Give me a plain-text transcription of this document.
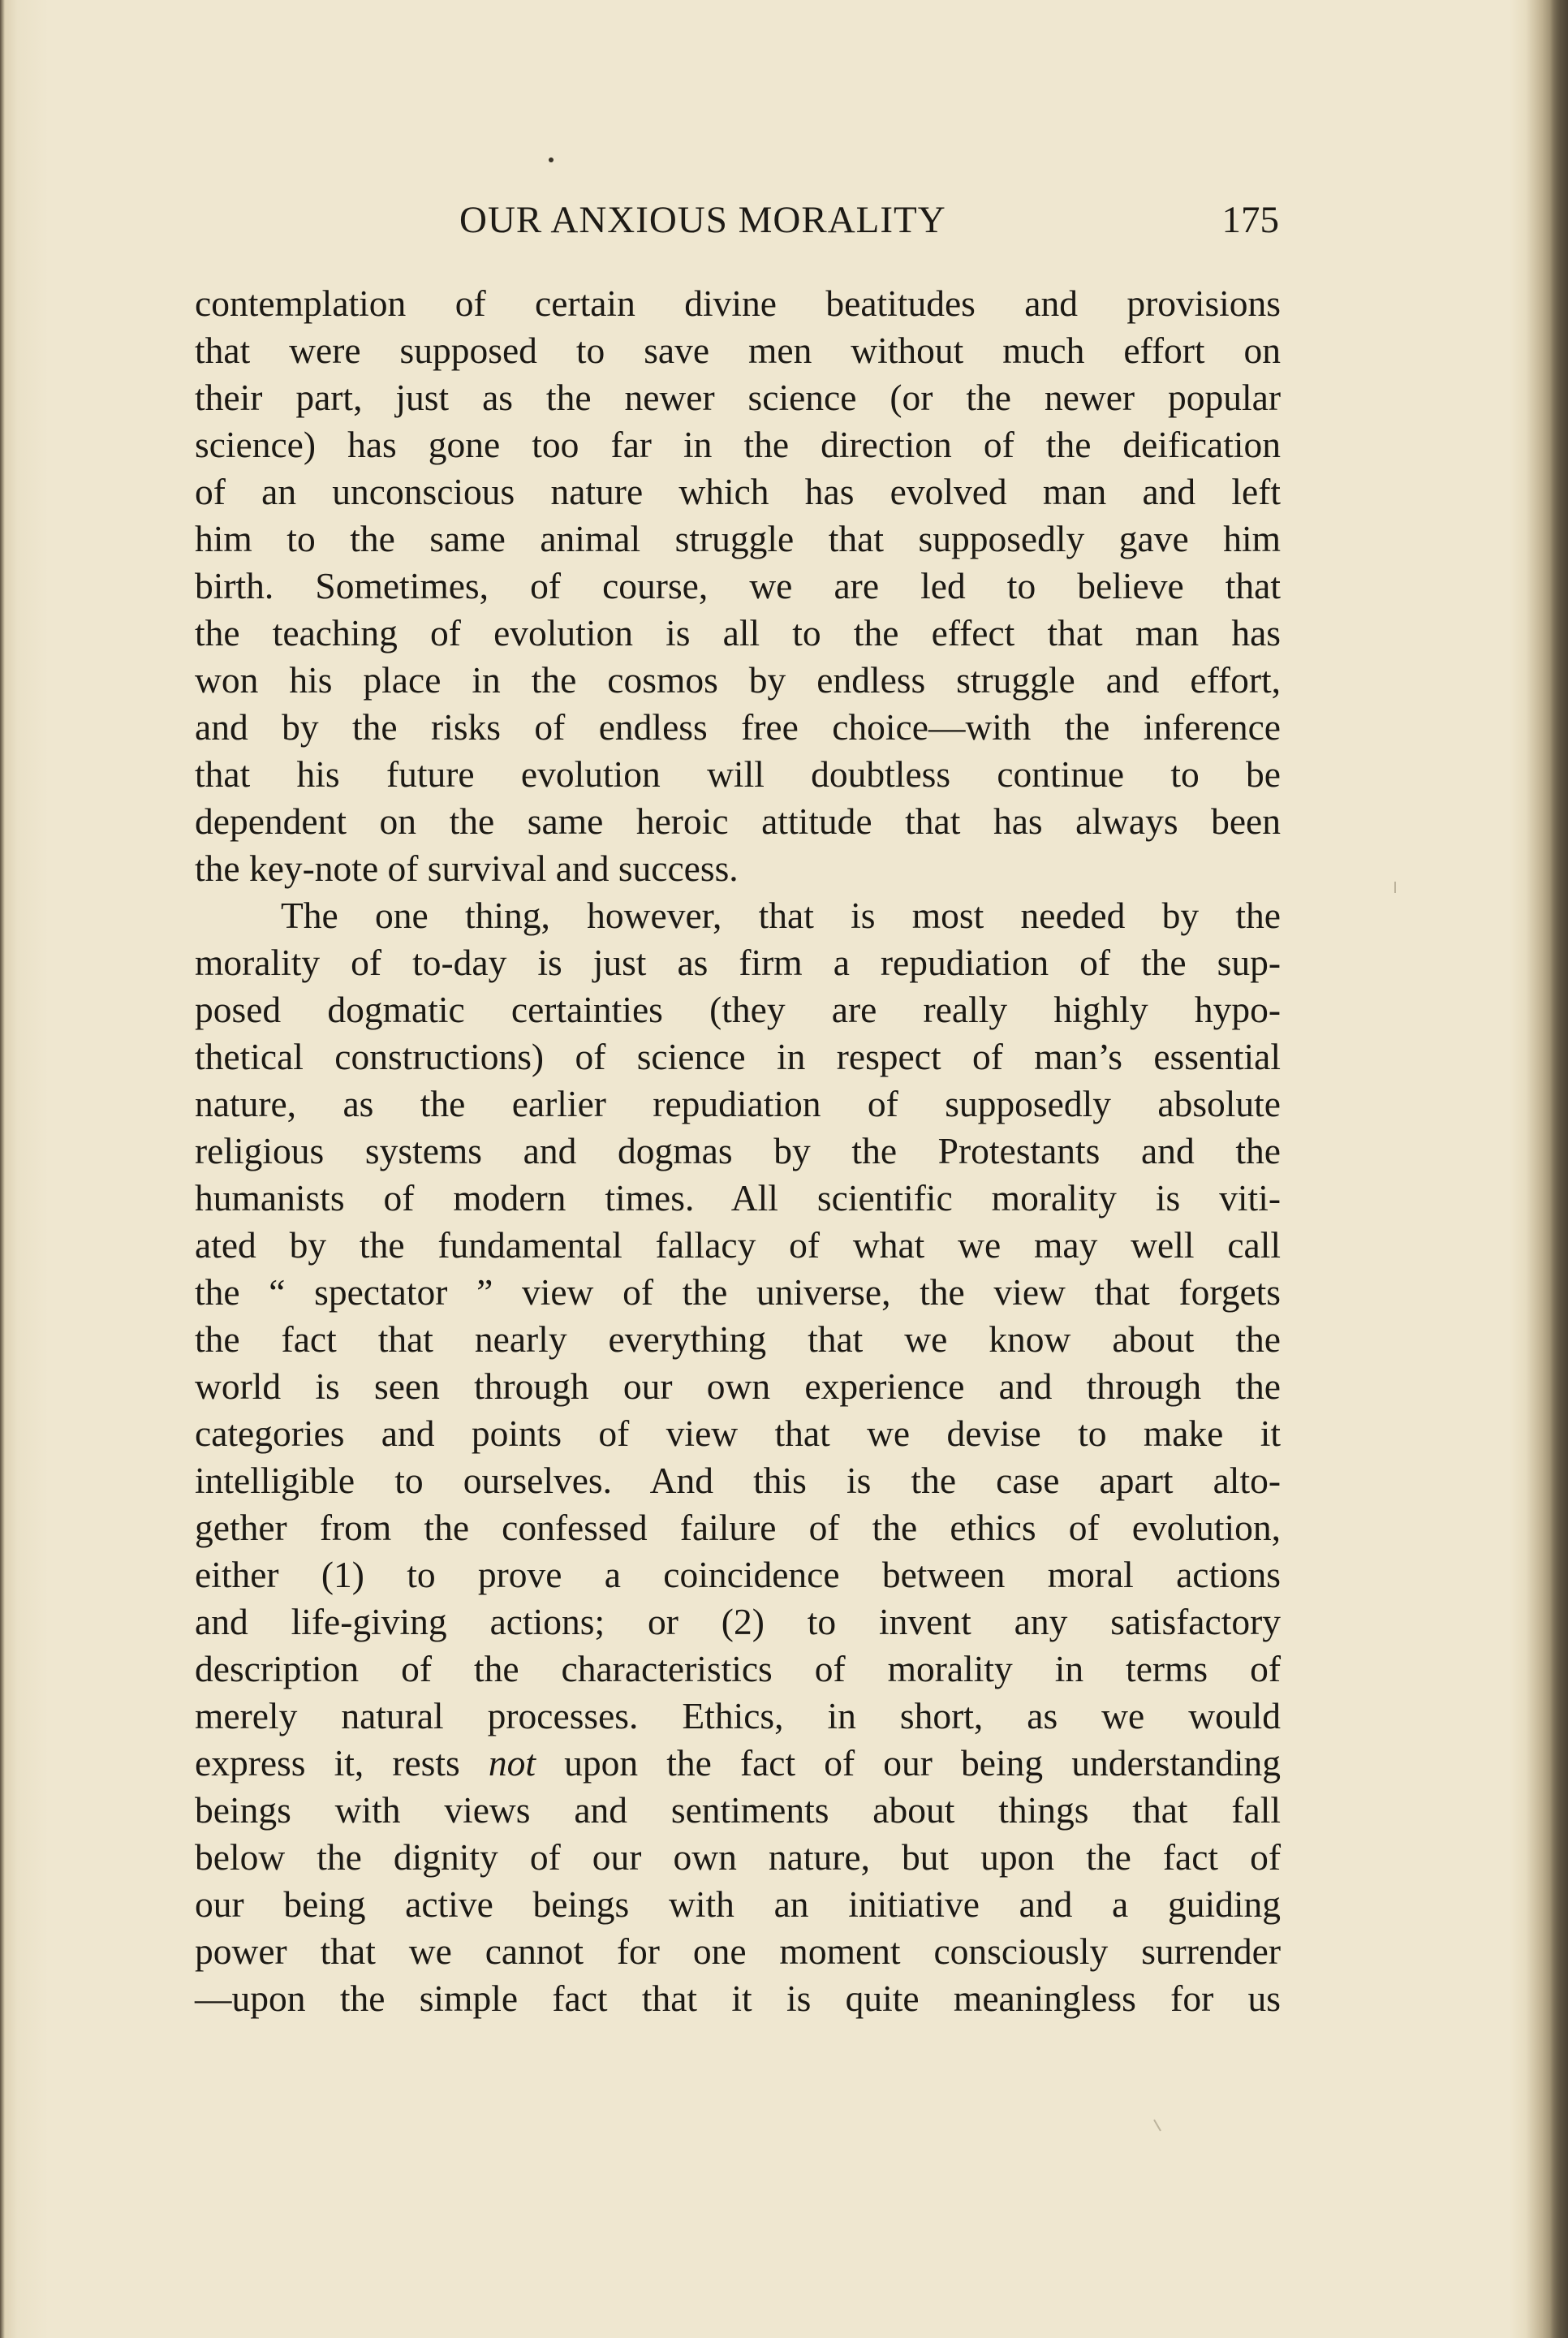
OUR ANXIOUS MORALITY	175
contemplation of certain divine beatitudes and provisions
that were supposed to save men without much effort on
their part, just as the newer science (or the newer popular
science) has gone too far in the direction of the deification
of an unconscious nature which has evolved man and left
him to the same animal struggle that supposedly gave him
birth. Sometimes, of course, we are led to believe that
the teaching of evolution is all to the effect that man has
won his place in the cosmos by endless struggle and effort,
and by the risks of endless free choice—with the inference
that his future evolution will doubtless continue to be
dependent on the same heroic attitude that has always been
the key-note of survival and success.
The one thing, however, that is most needed by the
morality of to-day is just as firm a repudiation of the sup-
posed dogmatic certainties (they are really highly hypo-
thetical constructions) of science in respect of man’s essential
nature, as the earlier repudiation of supposedly absolute
religious systems and dogmas by the Protestants and the
humanists of modern times. All scientific morality is viti-
ated by the fundamental fallacy of what we may well call
the “ spectator ” view of the universe, the view that forgets
the fact that nearly everything that we know about the
world is seen through our own experience and through the
categories and points of view that we devise to make it
intelligible to ourselves. And this is the case apart alto-
gether from the confessed failure of the ethics of evolution,
either (1) to prove a coincidence between moral actions
and life-giving actions; or (2) to invent any satisfactory
description of the characteristics of morality in terms of
merely natural processes. Ethics, in short, as we would
express it, rests not upon the fact of our being understanding
beings with views and sentiments about things that fall
below the dignity of our own nature, but upon the fact of
our being active beings with an initiative and a guiding
power that we cannot for one moment consciously surrender
—upon the simple fact that it is quite meaningless for us
